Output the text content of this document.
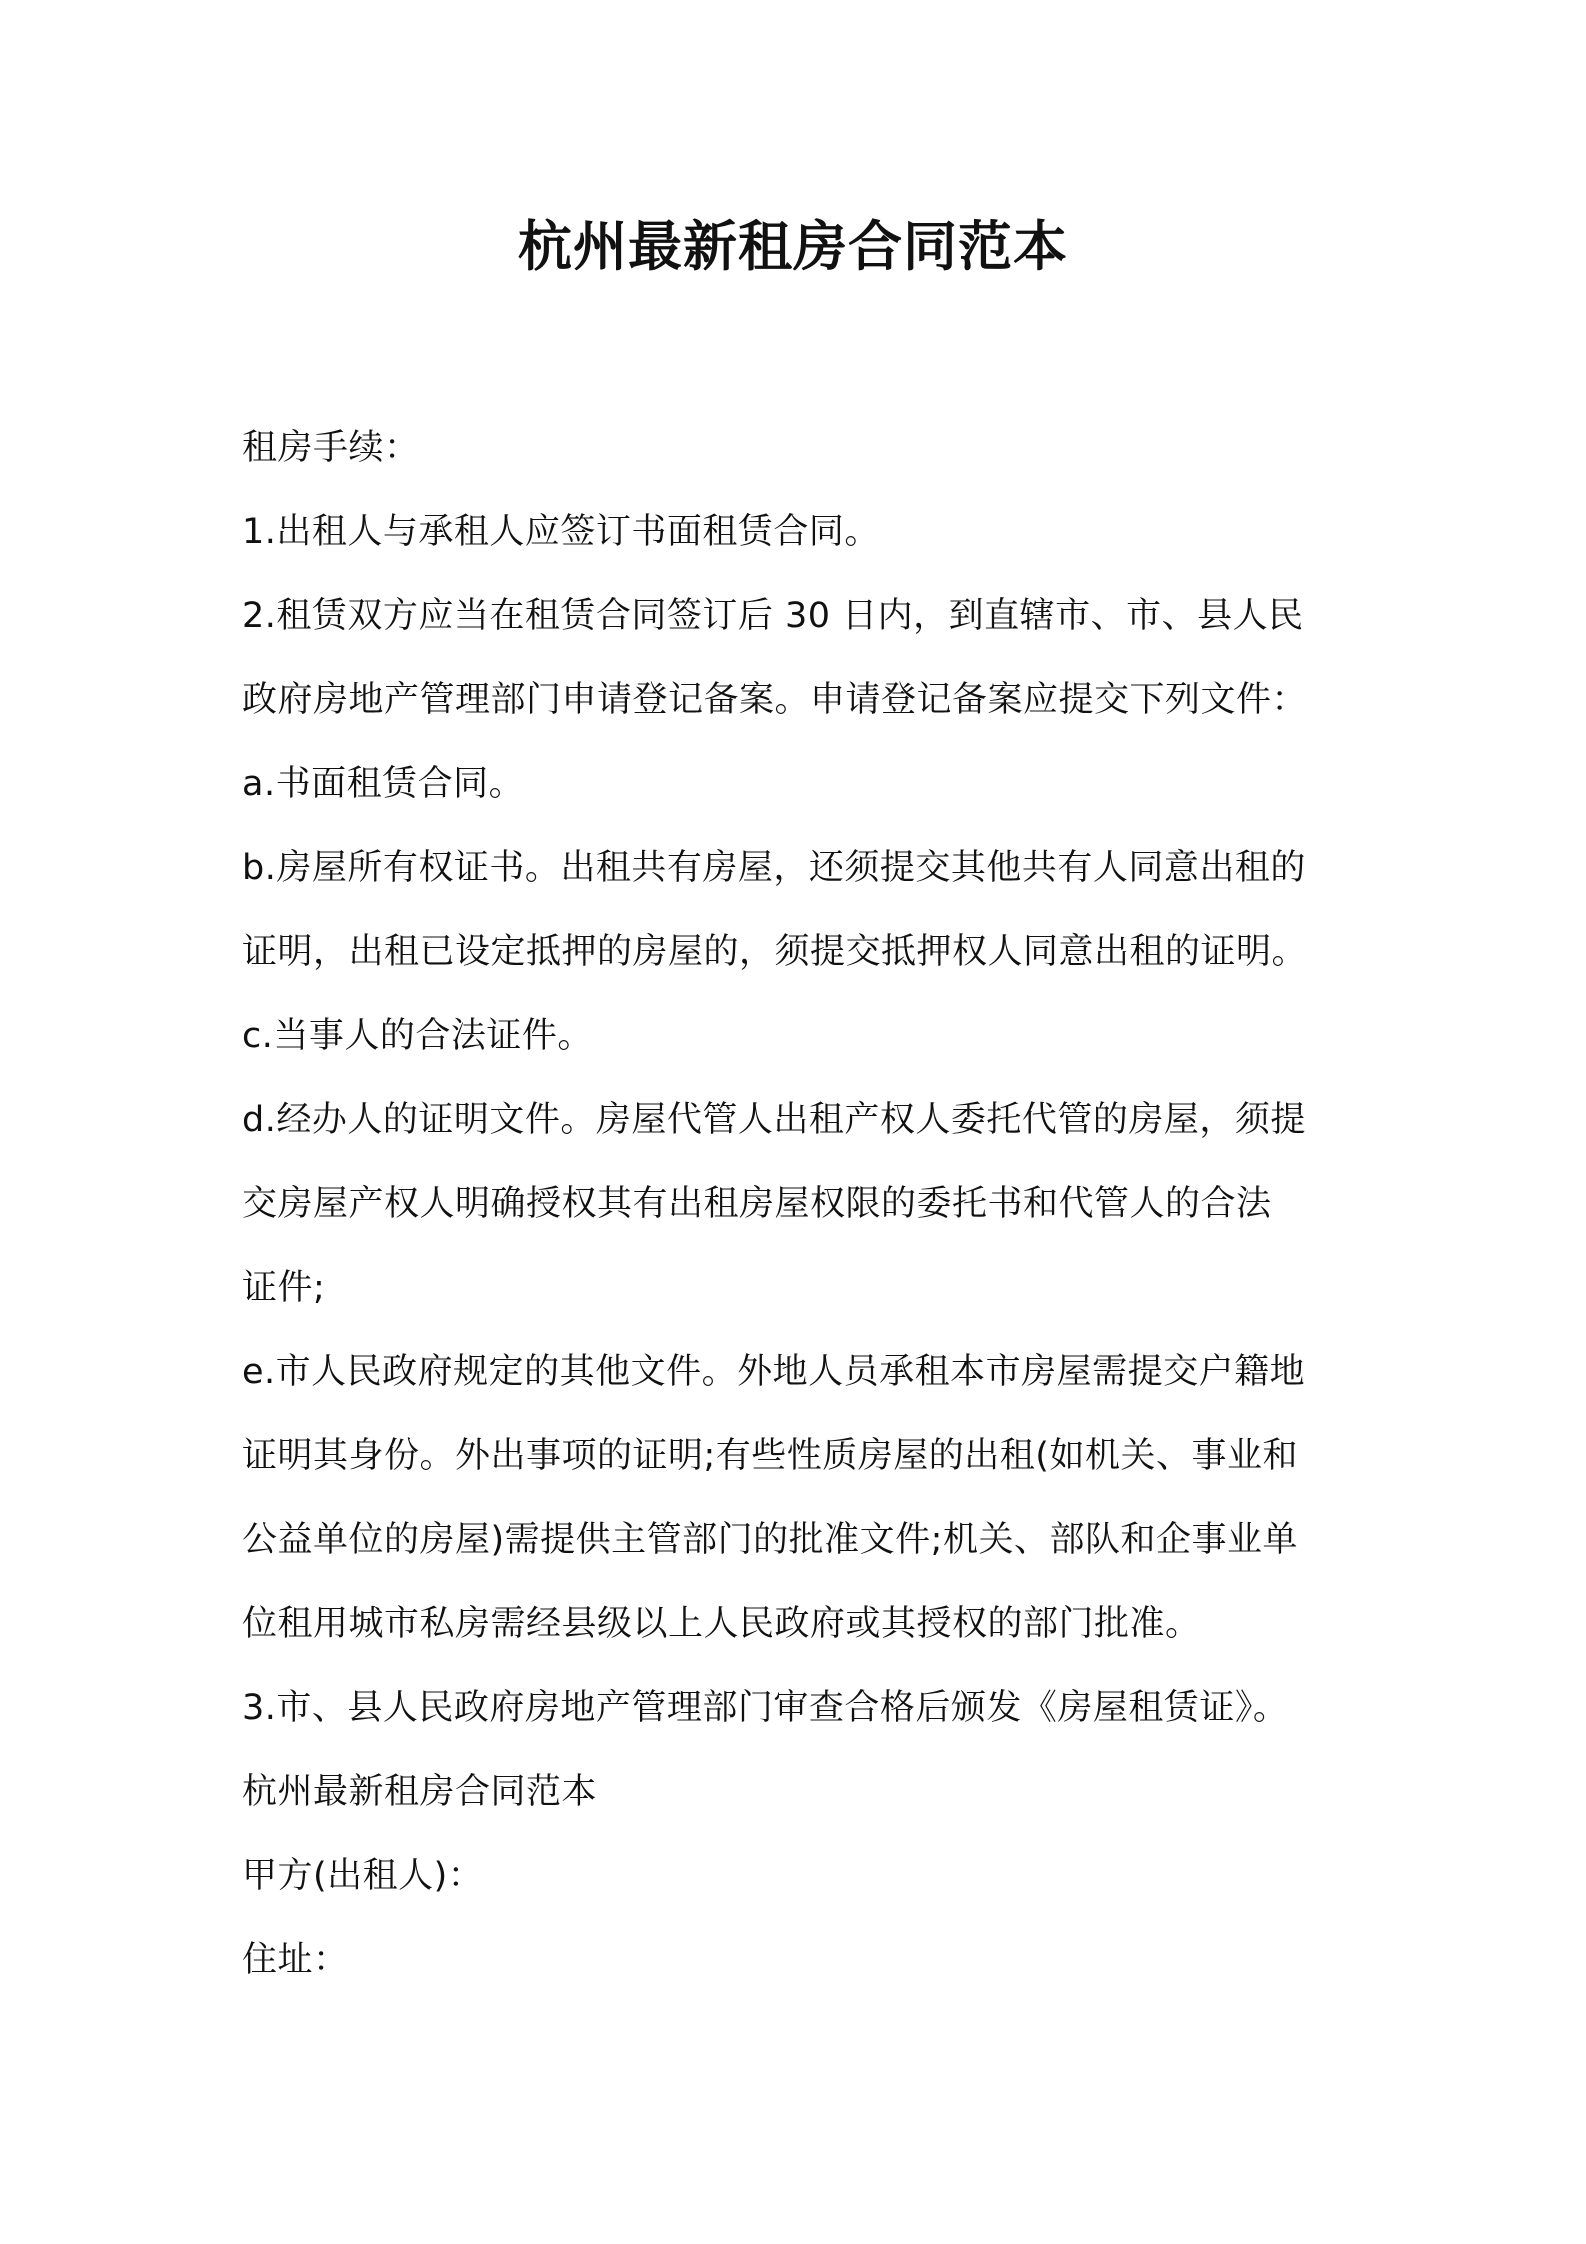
杭州最新租房合同范本
租房手续：
1.出租人与承租人应签订书面租赁合同。
2.租赁双方应当在租赁合同签订后 30 日内，到直辖市、市、县人民
政府房地产管理部门申请登记备案。申请登记备案应提交下列文件：
a.书面租赁合同。
b.房屋所有权证书。出租共有房屋，还须提交其他共有人同意出租的
证明，出租已设定抵押的房屋的，须提交抵押权人同意出租的证明。
c.当事人的合法证件。
d.经办人的证明文件。房屋代管人出租产权人委托代管的房屋，须提
交房屋产权人明确授权其有出租房屋权限的委托书和代管人的合法
证件;
e.市人民政府规定的其他文件。外地人员承租本市房屋需提交户籍地
证明其身份。外出事项的证明;有些性质房屋的出租(如机关、事业和
公益单位的房屋)需提供主管部门的批准文件;机关、部队和企事业单
位租用城市私房需经县级以上人民政府或其授权的部门批准。
3.市、县人民政府房地产管理部门审查合格后颁发《房屋租赁证》。
杭州最新租房合同范本
甲方(出租人)：
住址：
